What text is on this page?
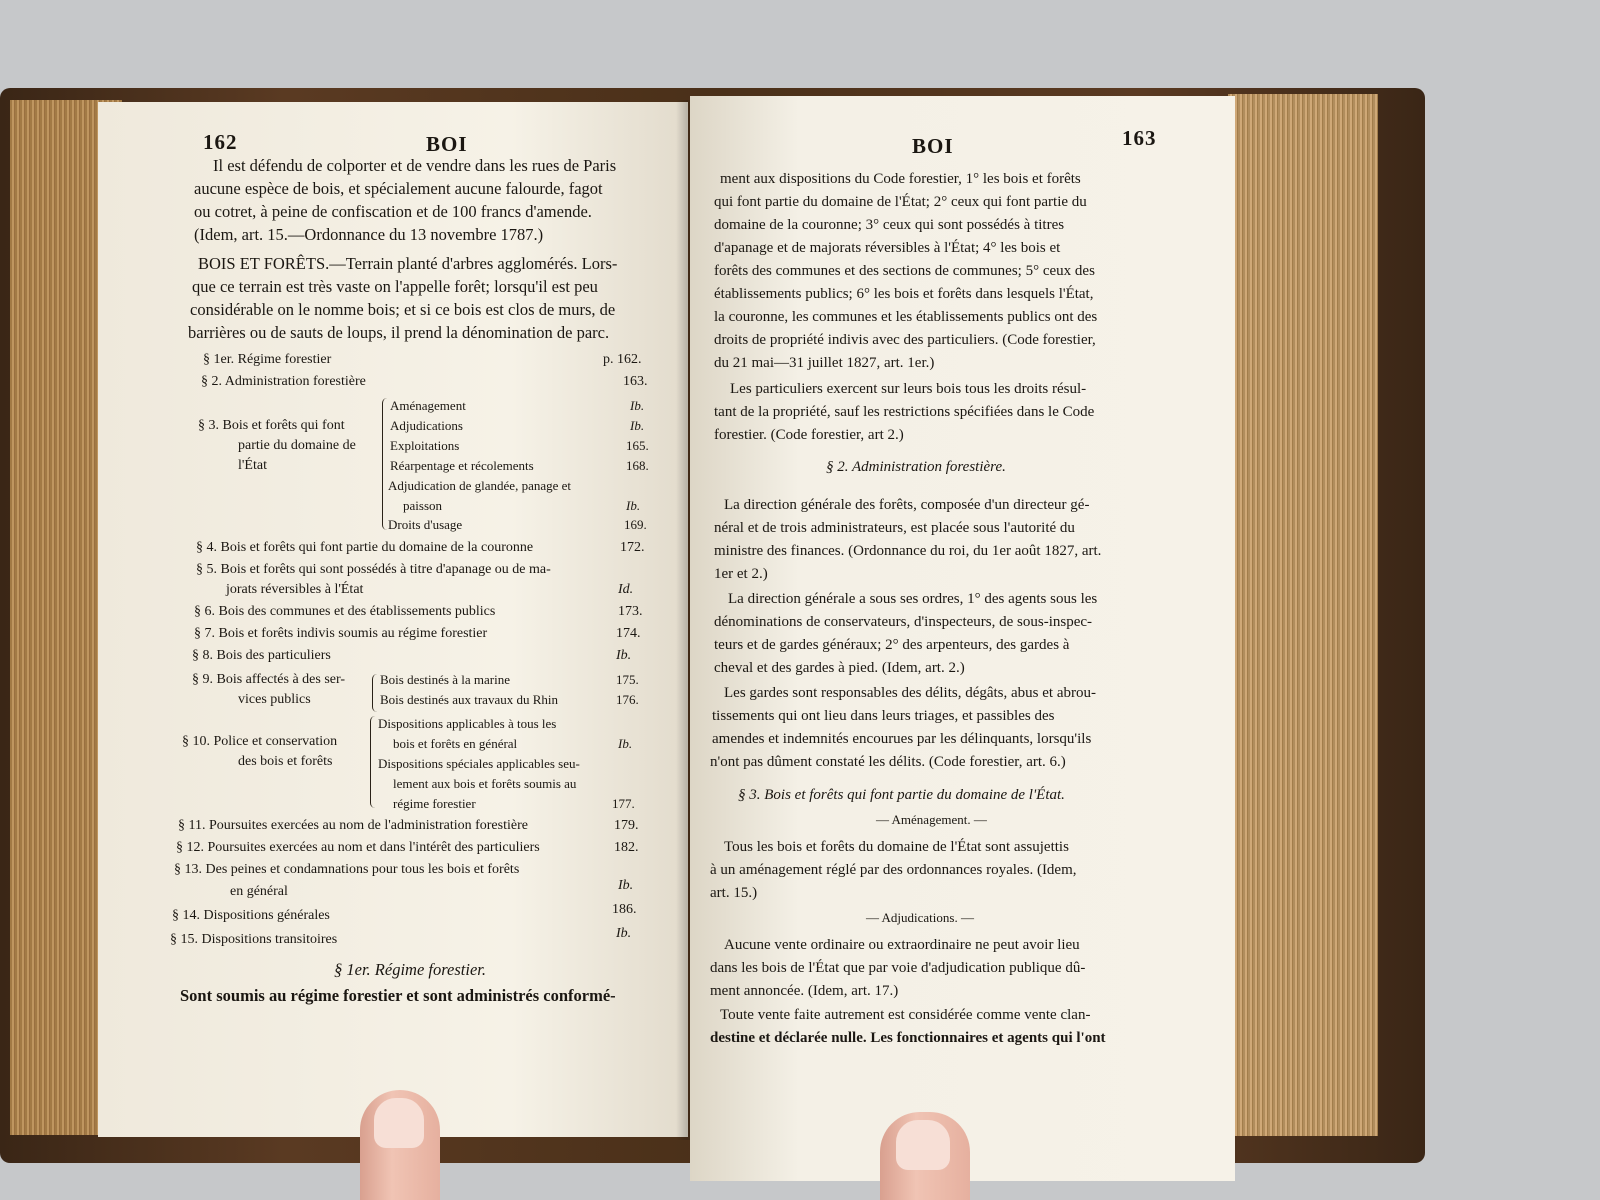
162	BOI
Il est défendu de colporter et de vendre dans les rues de Paris
aucune espèce de bois, et spécialement aucune falourde, fagot
ou cotret, à peine de confiscation et de 100 francs d'amende.
(Idem, art. 15.—Ordonnance du 13 novembre 1787.)
BOIS ET FORÊTS.—Terrain planté d'arbres agglomérés. Lors-
que ce terrain est très vaste on l'appelle forêt; lorsqu'il est peu
considérable on le nomme bois; et si ce bois est clos de murs, de
barrières ou de sauts de loups, il prend la dénomination de parc.
§ 1er. Régime forestier	p. 162.
§ 2. Administration forestière	163.
§ 3. Bois et forêts qui font
partie du domaine de
l'État
Aménagement	Ib.
Adjudications	Ib.
Exploitations	165.
Réarpentage et récolements	168.
Adjudication de glandée, panage et
paisson	Ib.
Droits d'usage	169.
§ 4. Bois et forêts qui font partie du domaine de la couronne	172.
§ 5. Bois et forêts qui sont possédés à titre d'apanage ou de ma-
jorats réversibles à l'État	Id.
§ 6. Bois des communes et des établissements publics	173.
§ 7. Bois et forêts indivis soumis au régime forestier	174.
§ 8. Bois des particuliers	Ib.
§ 9. Bois affectés à des ser-
vices publics
Bois destinés à la marine	175.
Bois destinés aux travaux du Rhin	176.
§ 10. Police et conservation
des bois et forêts
Dispositions applicables à tous les
bois et forêts en général	Ib.
Dispositions spéciales applicables seu-
lement aux bois et forêts soumis au
régime forestier	177.
§ 11. Poursuites exercées au nom de l'administration forestière	179.
§ 12. Poursuites exercées au nom et dans l'intérêt des particuliers	182.
§ 13. Des peines et condamnations pour tous les bois et forêts
en général	Ib.
§ 14. Dispositions générales	186.
§ 15. Dispositions transitoires	Ib.
§ 1er. Régime forestier.
Sont soumis au régime forestier et sont administrés conformé-
BOI	163
ment aux dispositions du Code forestier, 1° les bois et forêts
qui font partie du domaine de l'État; 2° ceux qui font partie du
domaine de la couronne; 3° ceux qui sont possédés à titres
d'apanage et de majorats réversibles à l'État; 4° les bois et
forêts des communes et des sections de communes; 5° ceux des
établissements publics; 6° les bois et forêts dans lesquels l'État,
la couronne, les communes et les établissements publics ont des
droits de propriété indivis avec des particuliers. (Code forestier,
du 21 mai—31 juillet 1827, art. 1er.)
Les particuliers exercent sur leurs bois tous les droits résul-
tant de la propriété, sauf les restrictions spécifiées dans le Code
forestier. (Code forestier, art 2.)
§ 2. Administration forestière.
La direction générale des forêts, composée d'un directeur gé-
néral et de trois administrateurs, est placée sous l'autorité du
ministre des finances. (Ordonnance du roi, du 1er août 1827, art.
1er et 2.)
La direction générale a sous ses ordres, 1° des agents sous les
dénominations de conservateurs, d'inspecteurs, de sous-inspec-
teurs et de gardes généraux; 2° des arpenteurs, des gardes à
cheval et des gardes à pied. (Idem, art. 2.)
Les gardes sont responsables des délits, dégâts, abus et abrou-
tissements qui ont lieu dans leurs triages, et passibles des
amendes et indemnités encourues par les délinquants, lorsqu'ils
n'ont pas dûment constaté les délits. (Code forestier, art. 6.)
§ 3. Bois et forêts qui font partie du domaine de l'État.
— Aménagement. —
Tous les bois et forêts du domaine de l'État sont assujettis
à un aménagement réglé par des ordonnances royales. (Idem,
art. 15.)
— Adjudications. —
Aucune vente ordinaire ou extraordinaire ne peut avoir lieu
dans les bois de l'État que par voie d'adjudication publique dû-
ment annoncée. (Idem, art. 17.)
Toute vente faite autrement est considérée comme vente clan-
destine et déclarée nulle. Les fonctionnaires et agents qui l'ont
